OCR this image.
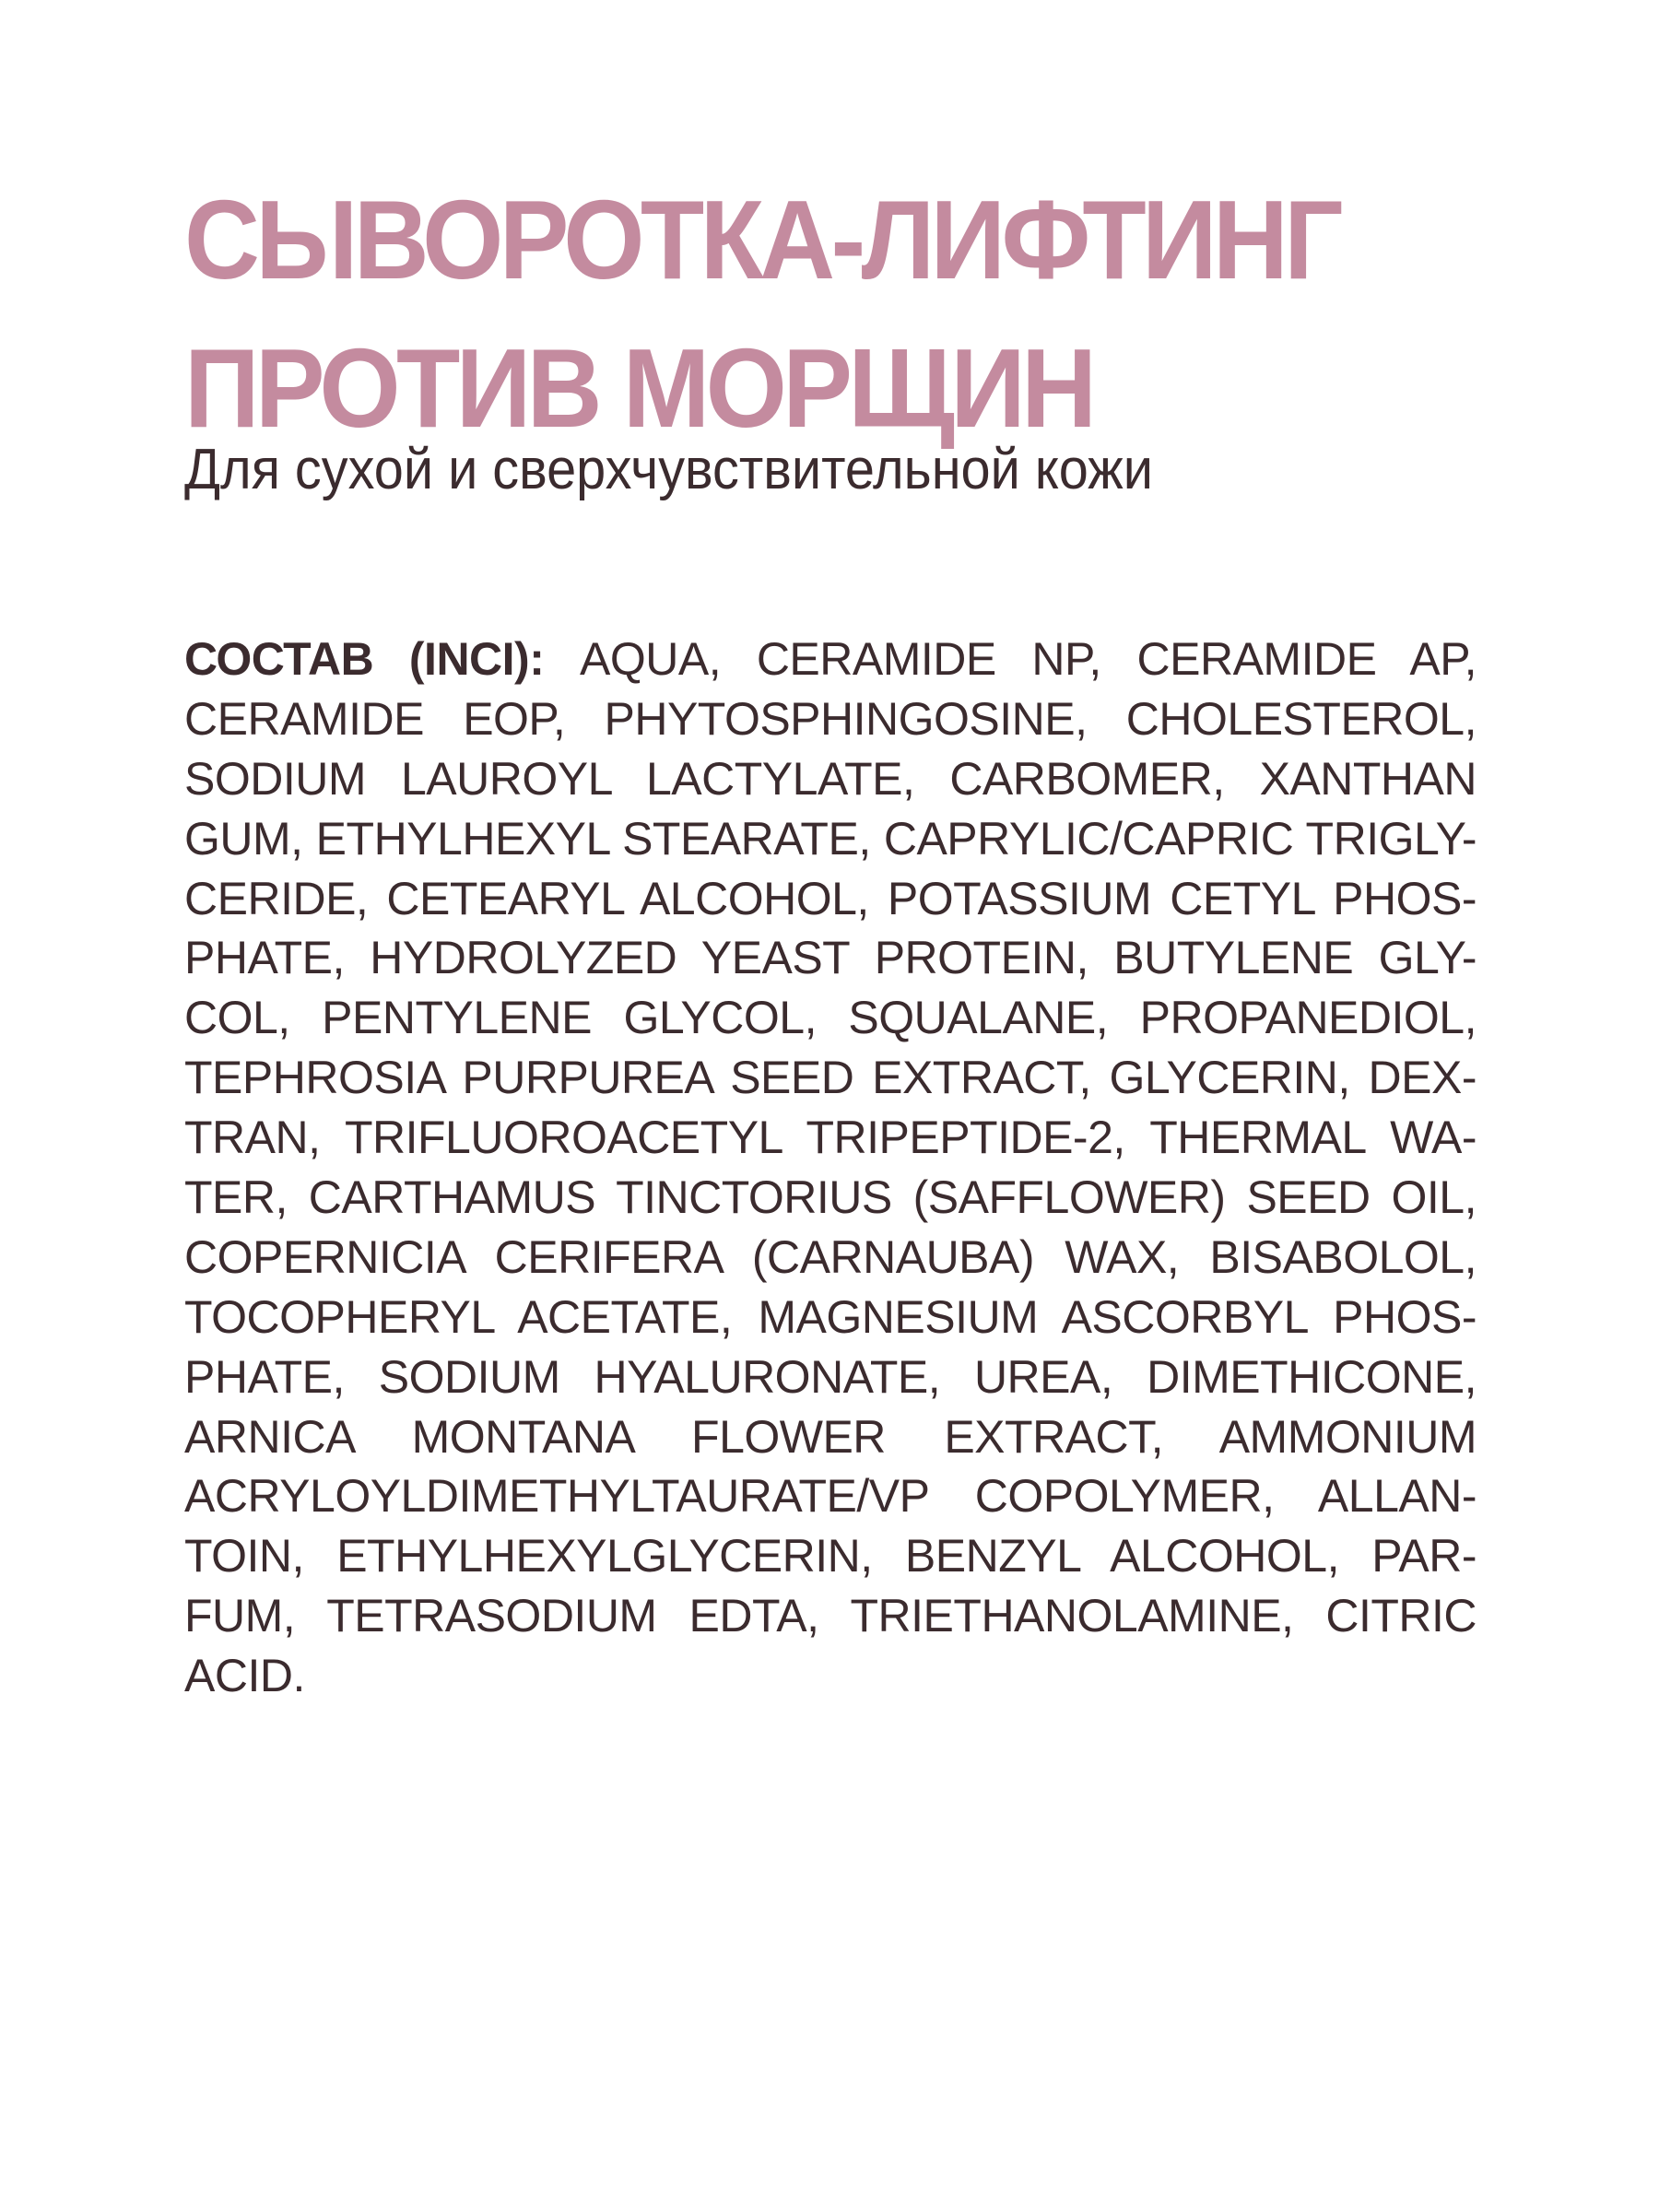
СЫВОРОТКА-ЛИФТИНГ
ПРОТИВ МОРЩИН

Для сухой и сверхчувствительной кожи

СОСТАВ (INCI): AQUA, CERAMIDE NP, CERAMIDE AP,
CERAMIDE EOP, PHYTOSPHINGOSINE, CHOLESTEROL,
SODIUM LAUROYL LACTYLATE, CARBOMER, XANTHAN
GUM, ETHYLHEXYL STEARATE, CAPRYLIC/CAPRIC TRIGLY-
CERIDE, CETEARYL ALCOHOL, POTASSIUM CETYL PHOS-
PHATE, HYDROLYZED YEAST PROTEIN, BUTYLENE GLY-
COL, PENTYLENE GLYCOL, SQUALANE, PROPANEDIOL,
TEPHROSIA PURPUREA SEED EXTRACT, GLYCERIN, DEX-
TRAN, TRIFLUOROACETYL TRIPEPTIDE-2, THERMAL WA-
TER, CARTHAMUS TINCTORIUS (SAFFLOWER) SEED OIL,
COPERNICIA CERIFERA (CARNAUBA) WAX, BISABOLOL,
TOCOPHERYL ACETATE, MAGNESIUM ASCORBYL PHOS-
PHATE, SODIUM HYALURONATE, UREA, DIMETHICONE,
ARNICA MONTANA FLOWER EXTRACT, AMMONIUM
ACRYLOYLDIMETHYLTAURATE/VP COPOLYMER, ALLAN-
TOIN, ETHYLHEXYLGLYCERIN, BENZYL ALCOHOL, PAR-
FUM, TETRASODIUM EDTA, TRIETHANOLAMINE, CITRIC
ACID.
